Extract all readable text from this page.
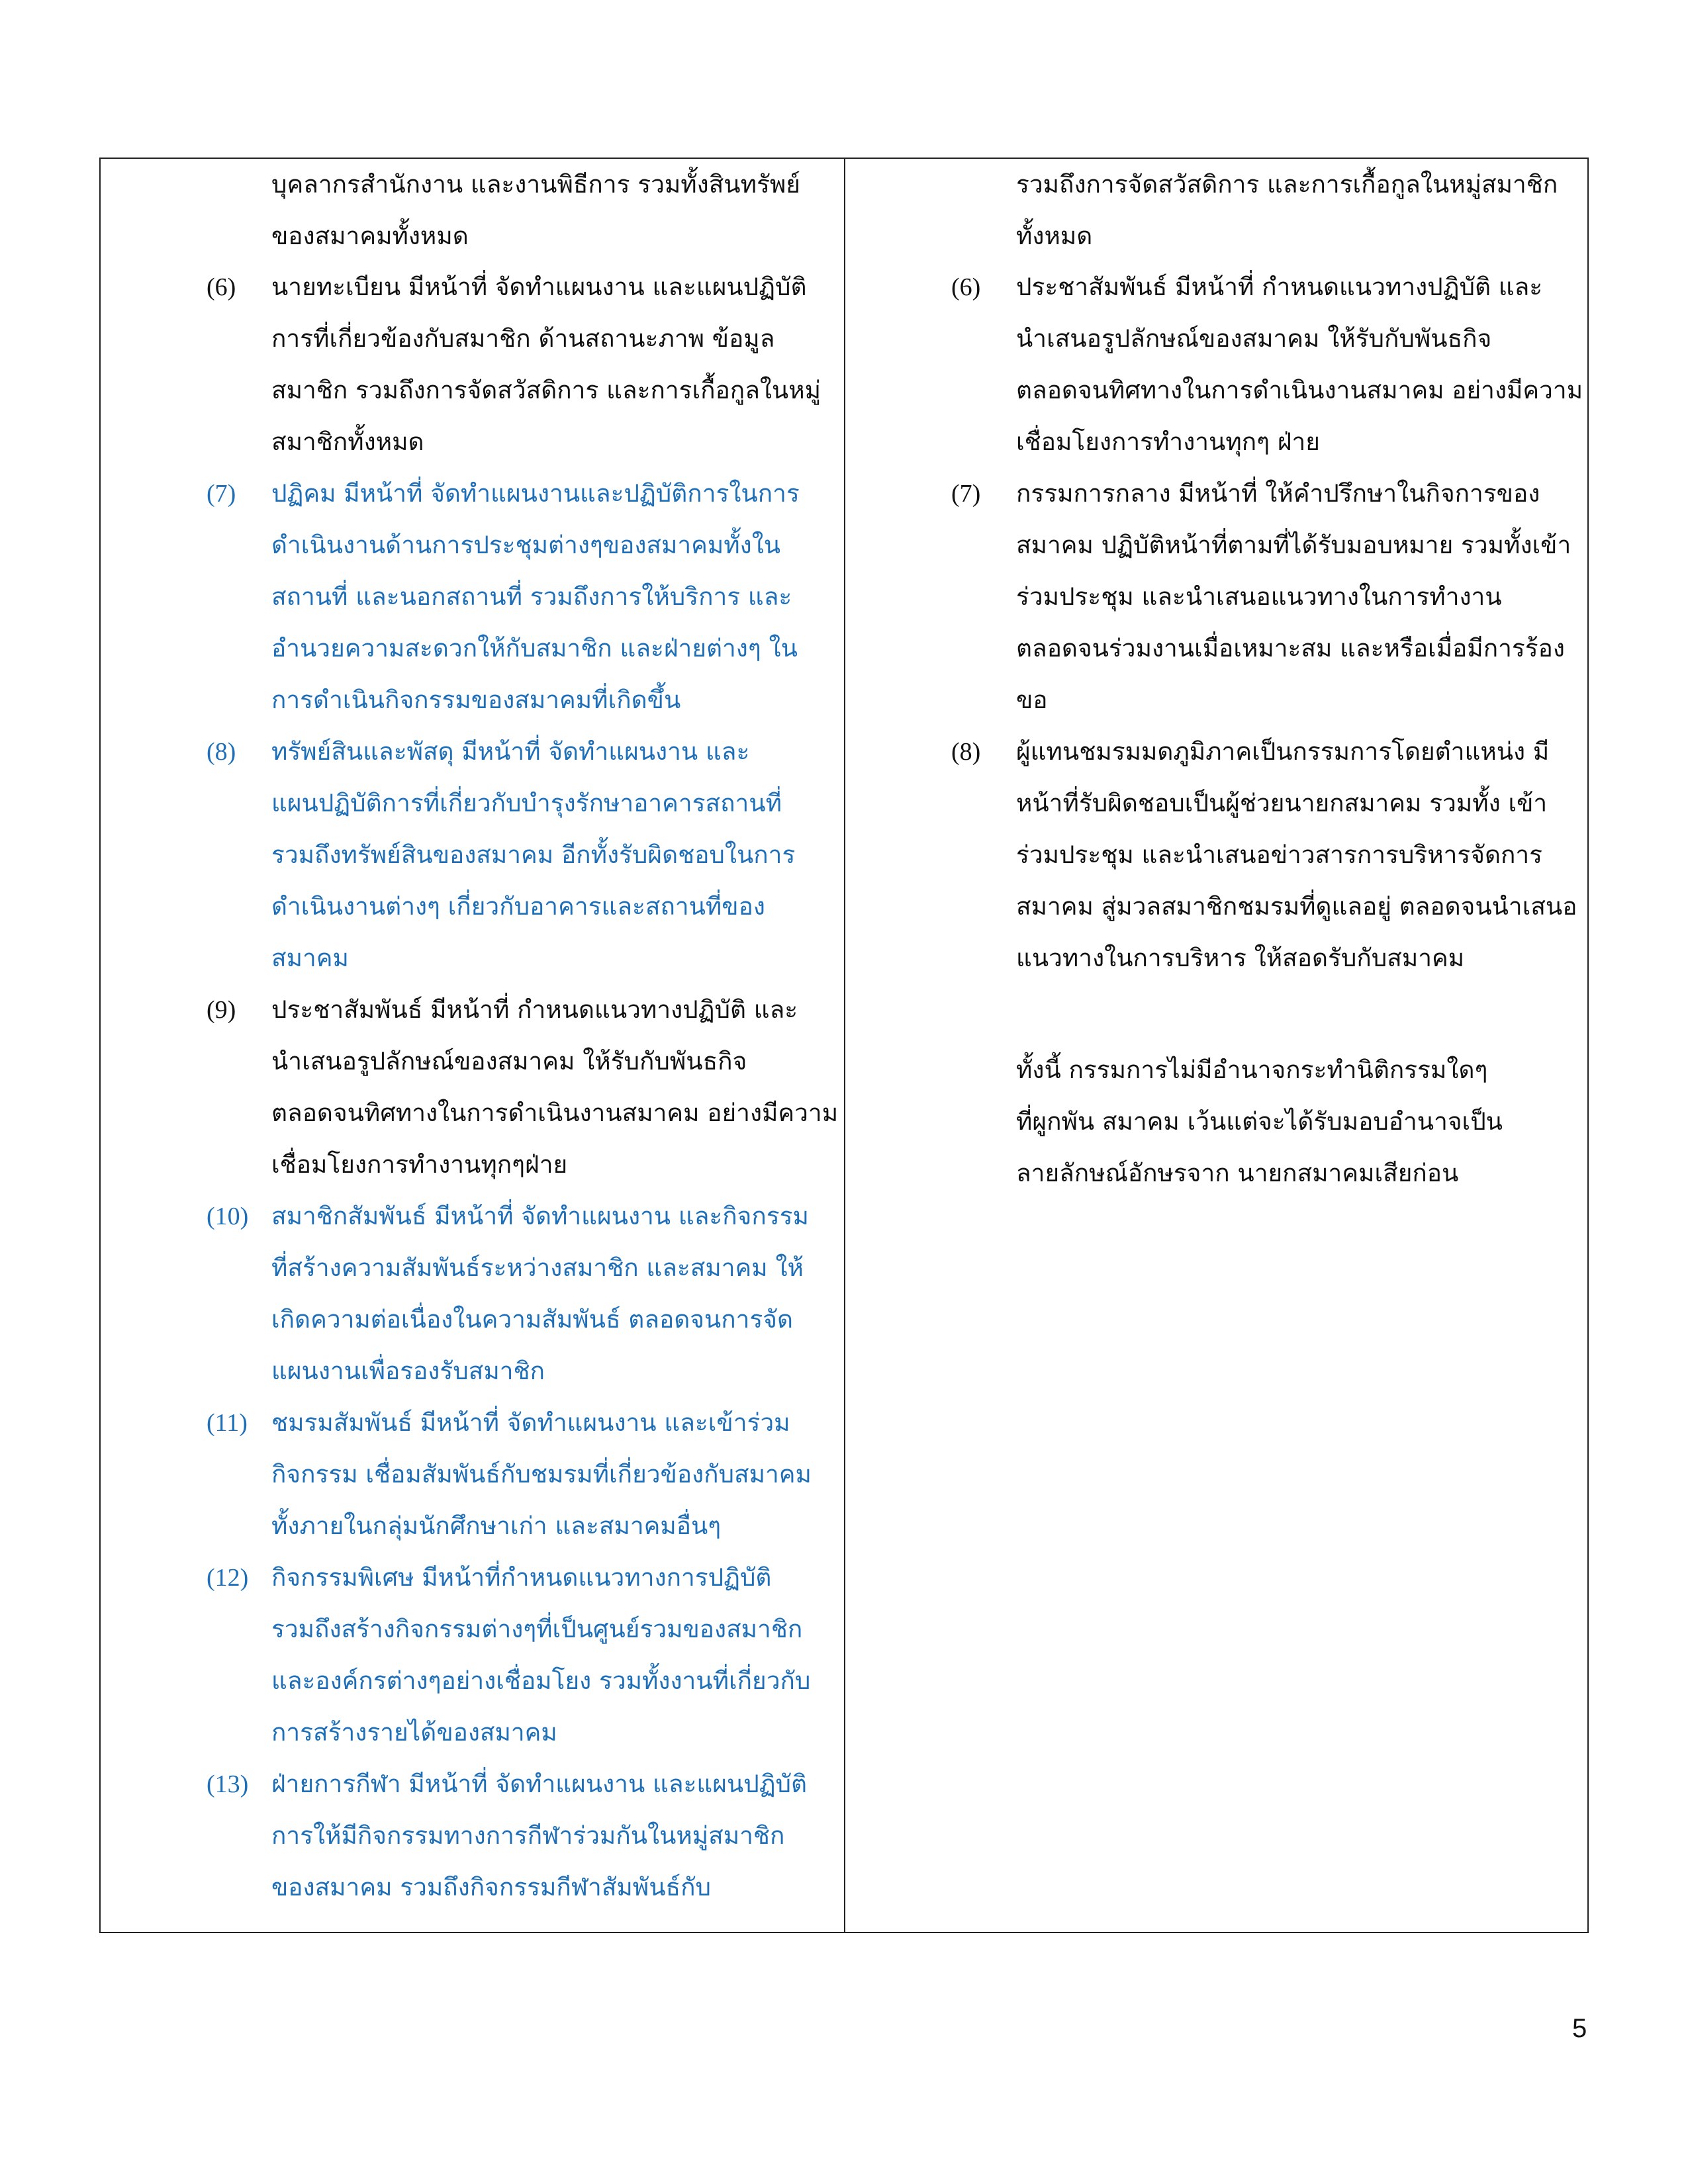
บุคลากรสำนักงาน และงานพิธีการ รวมทั้งสินทรัพย์
ของสมาคมทั้งหมด
(6) นายทะเบียน มีหน้าที่ จัดทำแผนงาน และแผนปฏิบัติ
การที่เกี่ยวข้องกับสมาชิก ด้านสถานะภาพ ข้อมูล
สมาชิก รวมถึงการจัดสวัสดิการ และการเกื้อกูลในหมู่
สมาชิกทั้งหมด
(7) ปฏิคม มีหน้าที่ จัดทำแผนงานและปฏิบัติการในการ
ดำเนินงานด้านการประชุมต่างๆของสมาคมทั้งใน
สถานที่ และนอกสถานที่ รวมถึงการให้บริการ และ
อำนวยความสะดวกให้กับสมาชิก และฝ่ายต่างๆ ใน
การดำเนินกิจกรรมของสมาคมที่เกิดขึ้น
(8) ทรัพย์สินและพัสดุ มีหน้าที่ จัดทำแผนงาน และ
แผนปฏิบัติการที่เกี่ยวกับบำรุงรักษาอาคารสถานที่
รวมถึงทรัพย์สินของสมาคม อีกทั้งรับผิดชอบในการ
ดำเนินงานต่างๆ เกี่ยวกับอาคารและสถานที่ของ
สมาคม
(9) ประชาสัมพันธ์ มีหน้าที่ กำหนดแนวทางปฏิบัติ และ
นำเสนอรูปลักษณ์ของสมาคม ให้รับกับพันธกิจ
ตลอดจนทิศทางในการดำเนินงานสมาคม อย่างมีความ
เชื่อมโยงการทำงานทุกๆฝ่าย
(10) สมาชิกสัมพันธ์ มีหน้าที่ จัดทำแผนงาน และกิจกรรม
ที่สร้างความสัมพันธ์ระหว่างสมาชิก และสมาคม ให้
เกิดความต่อเนื่องในความสัมพันธ์ ตลอดจนการจัด
แผนงานเพื่อรองรับสมาชิก
(11) ชมรมสัมพันธ์ มีหน้าที่ จัดทำแผนงาน และเข้าร่วม
กิจกรรม เชื่อมสัมพันธ์กับชมรมที่เกี่ยวข้องกับสมาคม
ทั้งภายในกลุ่มนักศึกษาเก่า และสมาคมอื่นๆ
(12) กิจกรรมพิเศษ มีหน้าที่กำหนดแนวทางการปฏิบัติ
รวมถึงสร้างกิจกรรมต่างๆที่เป็นศูนย์รวมของสมาชิก
และองค์กรต่างๆอย่างเชื่อมโยง รวมทั้งงานที่เกี่ยวกับ
การสร้างรายได้ของสมาคม
(13) ฝ่ายการกีฬา มีหน้าที่ จัดทำแผนงาน และแผนปฏิบัติ
การให้มีกิจกรรมทางการกีฬาร่วมกันในหมู่สมาชิก
ของสมาคม รวมถึงกิจกรรมกีฬาสัมพันธ์กับ
รวมถึงการจัดสวัสดิการ และการเกื้อกูลในหมู่สมาชิก
ทั้งหมด
(6) ประชาสัมพันธ์ มีหน้าที่ กำหนดแนวทางปฏิบัติ และ
นำเสนอรูปลักษณ์ของสมาคม ให้รับกับพันธกิจ
ตลอดจนทิศทางในการดำเนินงานสมาคม อย่างมีความ
เชื่อมโยงการทำงานทุกๆ ฝ่าย
(7) กรรมการกลาง มีหน้าที่ ให้คำปรึกษาในกิจการของ
สมาคม ปฏิบัติหน้าที่ตามที่ได้รับมอบหมาย รวมทั้งเข้า
ร่วมประชุม และนำเสนอแนวทางในการทำงาน
ตลอดจนร่วมงานเมื่อเหมาะสม และหรือเมื่อมีการร้อง
ขอ
(8) ผู้แทนชมรมมดภูมิภาคเป็นกรรมการโดยตำแหน่ง มี
หน้าที่รับผิดชอบเป็นผู้ช่วยนายกสมาคม รวมทั้ง เข้า
ร่วมประชุม และนำเสนอข่าวสารการบริหารจัดการ
สมาคม สู่มวลสมาชิกชมรมที่ดูแลอยู่ ตลอดจนนำเสนอ
แนวทางในการบริหาร ให้สอดรับกับสมาคม
ทั้งนี้ กรรมการไม่มีอำนาจกระทำนิติกรรมใดๆ
ที่ผูกพัน สมาคม เว้นแต่จะได้รับมอบอำนาจเป็น
ลายลักษณ์อักษรจาก นายกสมาคมเสียก่อน
5
